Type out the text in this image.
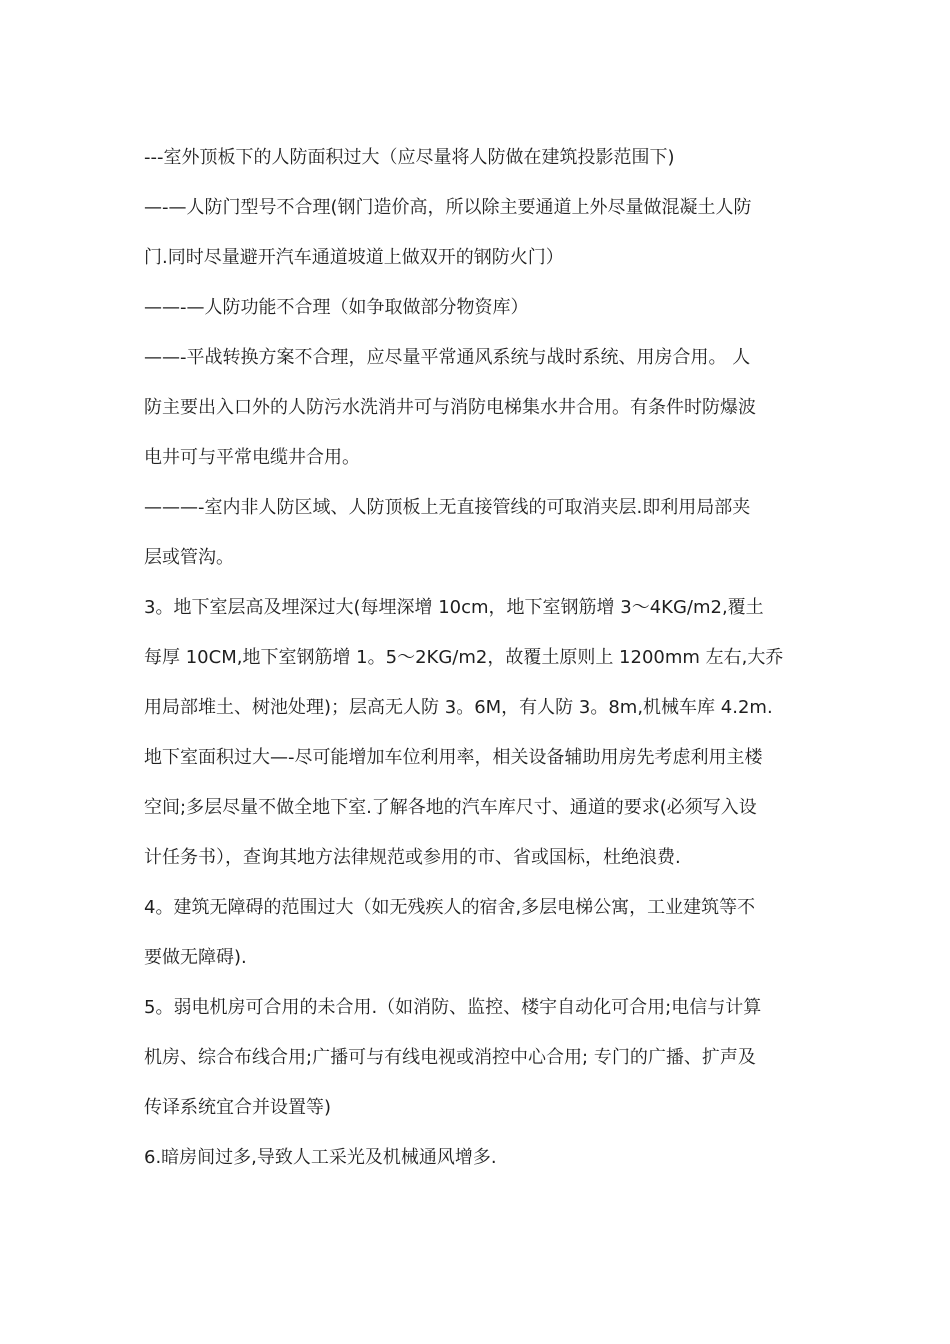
---室外顶板下的人防面积过大（应尽量将人防做在建筑投影范围下)

—-—人防门型号不合理(钢门造价高，所以除主要通道上外尽量做混凝土人防

门.同时尽量避开汽车通道坡道上做双开的钢防火门）

——-—人防功能不合理（如争取做部分物资库）

——-平战转换方案不合理，应尽量平常通风系统与战时系统、用房合用。 人

防主要出入口外的人防污水洗消井可与消防电梯集水井合用。有条件时防爆波

电井可与平常电缆井合用。

———-室内非人防区域、人防顶板上无直接管线的可取消夹层.即利用局部夹

层或管沟。

3。地下室层高及埋深过大(每埋深增 10cm，地下室钢筋增 3～4KG/m2,覆土

每厚 10CM,地下室钢筋增 1。5～2KG/m2，故覆土原则上 1200mm 左右,大乔

用局部堆土、树池处理)；层高无人防 3。6M，有人防 3。8m,机械车库 4.2m.

地下室面积过大—-尽可能增加车位利用率，相关设备辅助用房先考虑利用主楼

空间;多层尽量不做全地下室.了解各地的汽车库尺寸、通道的要求(必须写入设

计任务书），查询其地方法律规范或参用的市、省或国标，杜绝浪费.

4。建筑无障碍的范围过大（如无残疾人的宿舍,多层电梯公寓，工业建筑等不

要做无障碍).

5。弱电机房可合用的未合用.（如消防、监控、楼宇自动化可合用;电信与计算

机房、综合布线合用;广播可与有线电视或消控中心合用; 专门的广播、扩声及

传译系统宜合并设置等)

6.暗房间过多,导致人工采光及机械通风增多.
